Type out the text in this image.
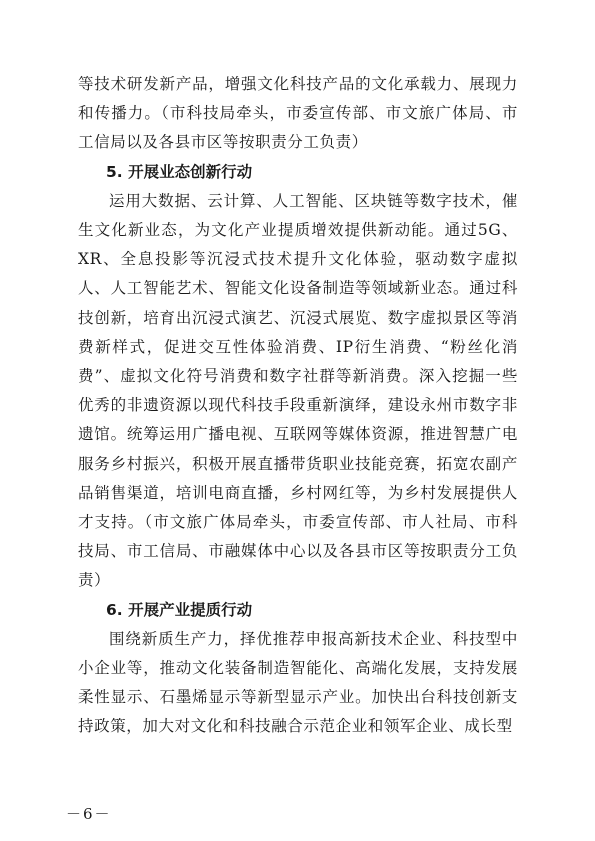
等技术研发新产品，增强文化科技产品的文化承载力、展现力和传播力。（市科技局牵头，市委宣传部、市文旅广体局、市工信局以及各县市区等按职责分工负责）

5. 开展业态创新行动

运用大数据、云计算、人工智能、区块链等数字技术，催生文化新业态，为文化产业提质增效提供新动能。通过5G、XR、全息投影等沉浸式技术提升文化体验，驱动数字虚拟人、人工智能艺术、智能文化设备制造等领域新业态。通过科技创新，培育出沉浸式演艺、沉浸式展览、数字虚拟景区等消费新样式，促进交互性体验消费、IP衍生消费、“粉丝化消费”、虚拟文化符号消费和数字社群等新消费。深入挖掘一些优秀的非遗资源以现代科技手段重新演绎，建设永州市数字非遗馆。统筹运用广播电视、互联网等媒体资源，推进智慧广电服务乡村振兴，积极开展直播带货职业技能竞赛，拓宽农副产品销售渠道，培训电商直播，乡村网红等，为乡村发展提供人才支持。（市文旅广体局牵头，市委宣传部、市人社局、市科技局、市工信局、市融媒体中心以及各县市区等按职责分工负责）

6. 开展产业提质行动

围绕新质生产力，择优推荐申报高新技术企业、科技型中小企业等，推动文化装备制造智能化、高端化发展，支持发展柔性显示、石墨烯显示等新型显示产业。加快出台科技创新支持政策，加大对文化和科技融合示范企业和领军企业、成长型

－6－
